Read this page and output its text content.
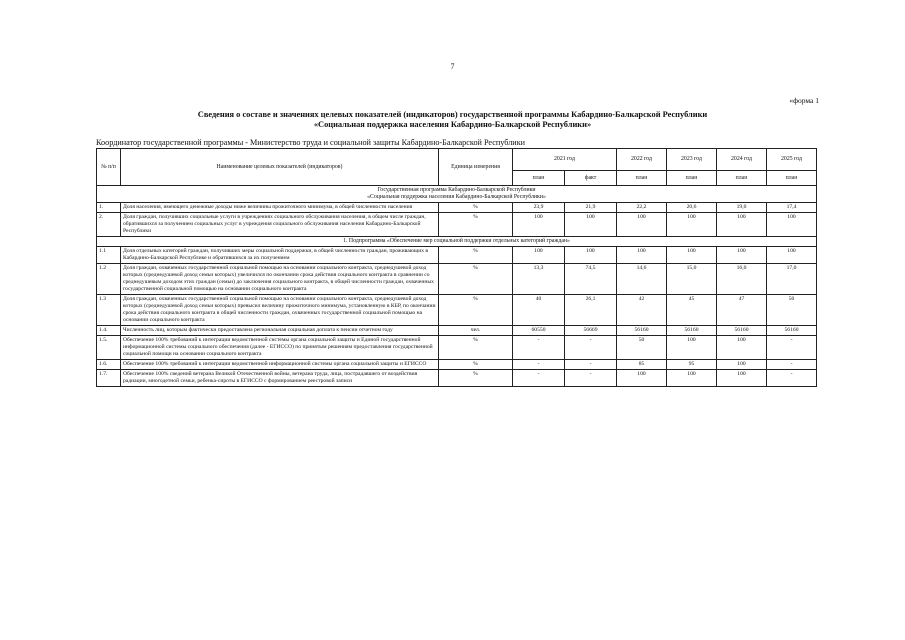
7
«форма 1
Сведения о составе и значениях целевых показателей (индикаторов) государственной программы Кабардино-Балкарской Республики
«Социальная поддержка населения Кабардино-Балкарской Республики»
Координатор государственной программы - Министерство труда и социальной защиты Кабардино-Балкарской Республики
№ п/п	Наименование целевых показателей (индикаторов)	Единица измерения	2021 год		2022 год	2023 год	2024 год	2025 год
			план	факт	план	план	план	план

Государственная программа Кабардино-Балкарской Республики
«Социальная поддержка населения Кабардино-Балкарской Республики»								

1.	Доля населения, имеющего денежные доходы ниже величины прожиточного минимума, в общей численности населения	%	23,9	21,9	22,2	20,6	19,0	17,4
2.	Доля граждан, получивших социальные услуги в учреждениях социального обслуживания населения, в общем числе граждан, обратившихся за получением социальных услуг в учреждения социального обслуживания населения Кабардино-Балкарской Республики	%	100	100	100	100	100	100
1. Подпрограмма «Обеспечение мер социальной поддержки отдельных категорий граждан»								
1.1	Доля отдельных категорий граждан, получивших меры социальной поддержки, в общей численности граждан, проживающих в Кабардино-Балкарской Республике и обратившихся за их получением	%	100	100	100	100	100	100
1.2	Доля граждан, охваченных государственной социальной помощью на основании социального контракта, среднедушевой доход которых (среднедушевой доход семьи которых) увеличился по окончании срока действия социального контракта в сравнении со среднедушевым доходом этих граждан (семьи) до заключения социального контракта, в общей численности граждан, охваченных государственной социальной помощью на основании социального контракта	%	13,3	74,5	14,6	15,0	16,0	17,0
1.3	Доля граждан, охваченных государственной социальной помощью на основании социального контракта, среднедушевой доход которых (среднедушевой доход семьи которых) превысил величину прожиточного минимума, установленную в КБР, по окончании срока действия социального контракта в общей численности граждан, охваченных государственной социальной помощью на основании социального контракта	%	40	26,1	42	45	47	50
1.4.	Численность лиц, которым фактически предоставлена региональная социальная доплата к пенсии отчетном году	чел.	60550	56669	56160	56160	56160	56160
1.5.	Обеспечение 100% требований к интеграции ведомственной системы органа социальной защиты и Единой государственной информационной системы социального обеспечения (далее - ЕГИССО) по принятым решениям предоставления государственной социальной помощи на основании социального контракта	%	-	-	50	100	100	-
1.6.	Обеспечение 100% требований к интеграции ведомственной информационной системы органа социальной защиты и ЕГИССО	%	-	-	85	95	100	-
1.7.	Обеспечение 100% сведений ветерана Великой Отечественной войны, ветерана труда, лица, пострадавшего от воздействия радиации, многодетной семьи, ребенка-сироты в ЕГИССО с формированием реестровой записи	%	-	-	100	100	100	-
